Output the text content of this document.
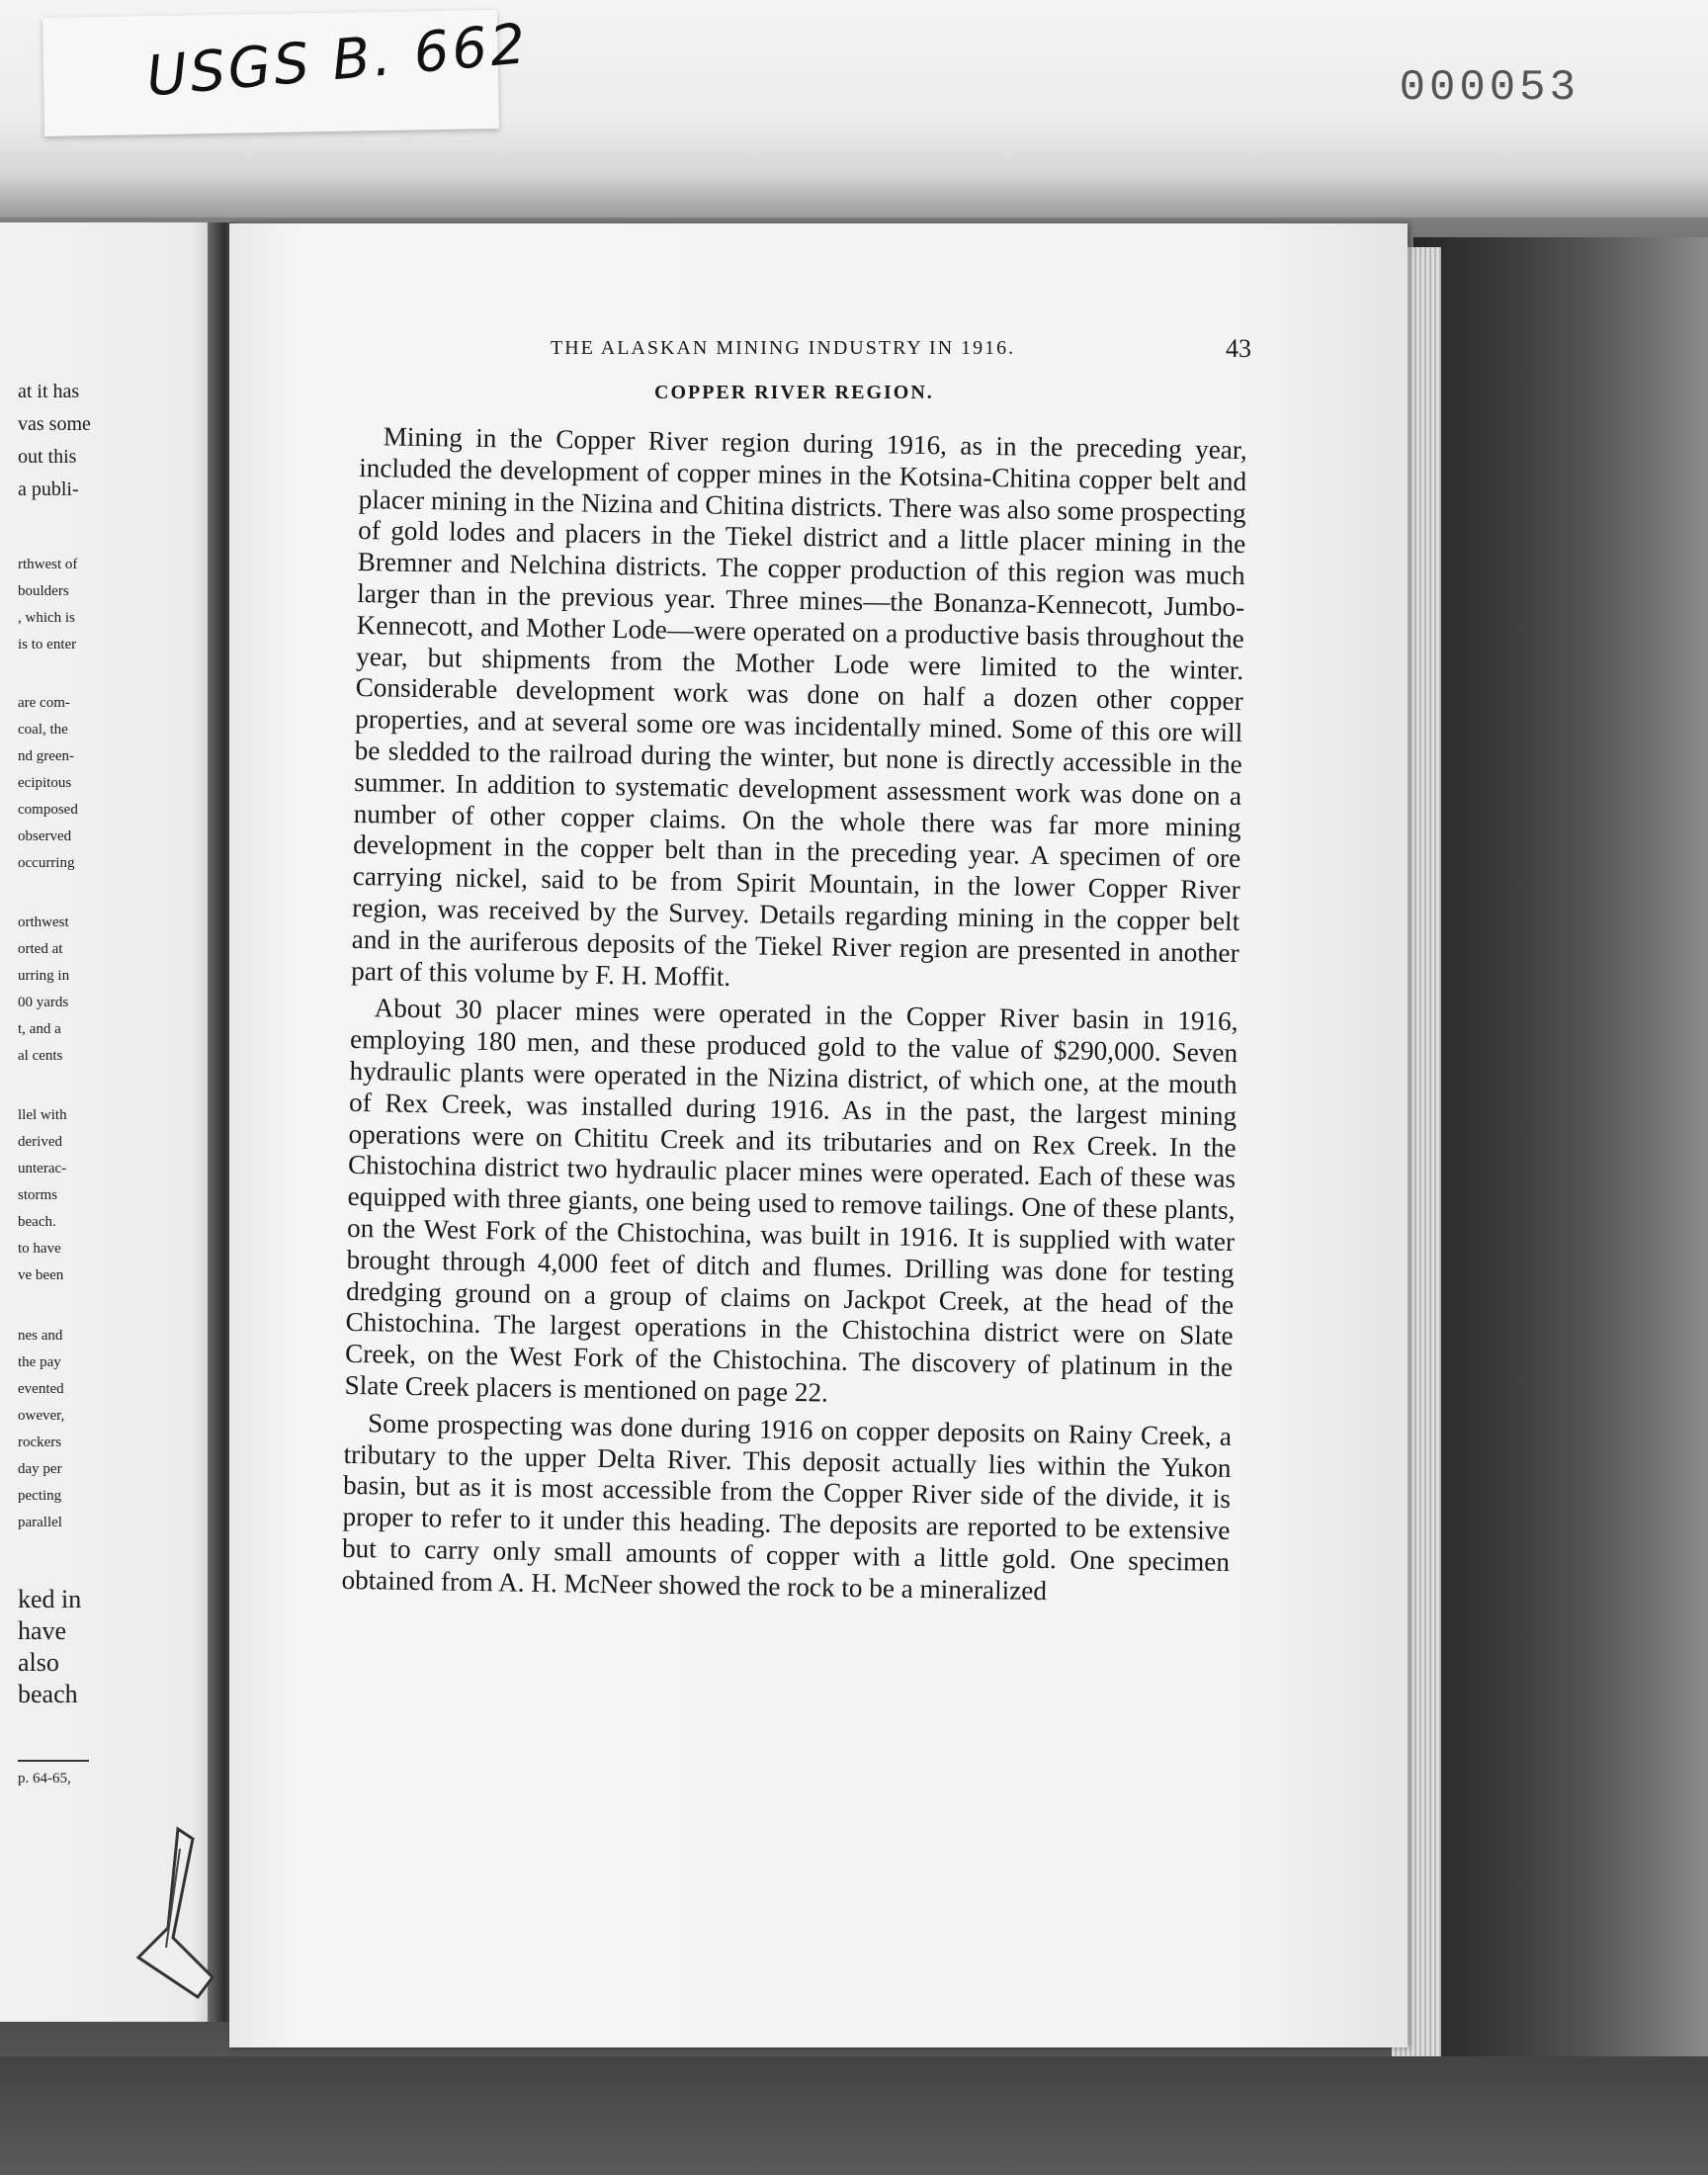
USGS B. 662	000053
at it has
vas some
out this
a publi-
rthwest of
boulders
, which is
is to enter
are com-
coal, the
nd green-
ecipitous
composed
observed
occurring
orthwest
orted at
urring in
00 yards
t, and a
al cents
llel with
derived
unterac-
storms
beach.
to have
ve been
nes and
the pay
evented
owever,
rockers
day per
pecting
parallel
ked in
have
also
beach
p. 64-65,
THE ALASKAN MINING INDUSTRY IN 1916.	43
COPPER RIVER REGION.

Mining in the Copper River region during 1916, as in the preceding year, included the development of copper mines in the Kotsina-Chitina copper belt and placer mining in the Nizina and Chitina districts. There was also some prospecting of gold lodes and placers in the Tiekel district and a little placer mining in the Bremner and Nelchina districts. The copper production of this region was much larger than in the previous year. Three mines—the Bonanza-Kennecott, Jumbo-Kennecott, and Mother Lode—were operated on a productive basis throughout the year, but shipments from the Mother Lode were limited to the winter. Considerable development work was done on half a dozen other copper properties, and at several some ore was incidentally mined. Some of this ore will be sledded to the railroad during the winter, but none is directly accessible in the summer. In addition to systematic development assessment work was done on a number of other copper claims. On the whole there was far more mining development in the copper belt than in the preceding year. A specimen of ore carrying nickel, said to be from Spirit Mountain, in the lower Copper River region, was received by the Survey. Details regarding mining in the copper belt and in the auriferous deposits of the Tiekel River region are presented in another part of this volume by F. H. Moffit.

About 30 placer mines were operated in the Copper River basin in 1916, employing 180 men, and these produced gold to the value of $290,000. Seven hydraulic plants were operated in the Nizina district, of which one, at the mouth of Rex Creek, was installed during 1916. As in the past, the largest mining operations were on Chititu Creek and its tributaries and on Rex Creek. In the Chistochina district two hydraulic placer mines were operated. Each of these was equipped with three giants, one being used to remove tailings. One of these plants, on the West Fork of the Chistochina, was built in 1916. It is supplied with water brought through 4,000 feet of ditch and flumes. Drilling was done for testing dredging ground on a group of claims on Jackpot Creek, at the head of the Chistochina. The largest operations in the Chistochina district were on Slate Creek, on the West Fork of the Chistochina. The discovery of platinum in the Slate Creek placers is mentioned on page 22.

Some prospecting was done during 1916 on copper deposits on Rainy Creek, a tributary to the upper Delta River. This deposit actually lies within the Yukon basin, but as it is most accessible from the Copper River side of the divide, it is proper to refer to it under this heading. The deposits are reported to be extensive but to carry only small amounts of copper with a little gold. One specimen obtained from A. H. McNeer showed the rock to be a mineralized
